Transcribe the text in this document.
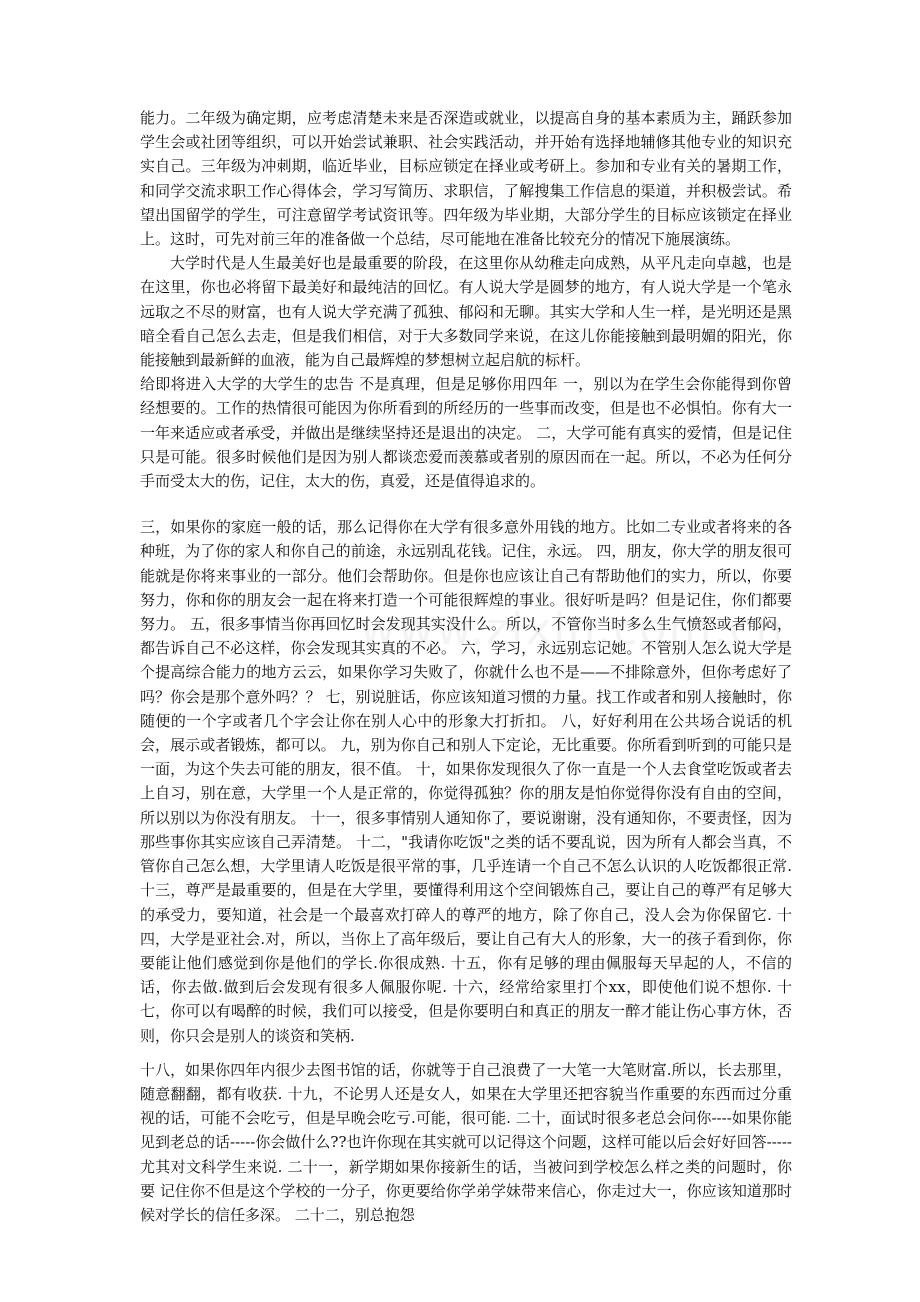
能力。二年级为确定期，应考虑清楚未来是否深造或就业，以提高自身的基本素质为主，踊跃参加学生会或社团等组织，可以开始尝试兼职、社会实践活动，并开始有选择地辅修其他专业的知识充实自己。三年级为冲刺期，临近毕业，目标应锁定在择业或考研上。参加和专业有关的暑期工作，和同学交流求职工作心得体会，学习写简历、求职信，了解搜集工作信息的渠道，并积极尝试。希望出国留学的学生，可注意留学考试资讯等。四年级为毕业期，大部分学生的目标应该锁定在择业上。这时，可先对前三年的准备做一个总结，尽可能地在准备比较充分的情况下施展演练。

大学时代是人生最美好也是最重要的阶段，在这里你从幼稚走向成熟，从平凡走向卓越，也是在这里，你也必将留下最美好和最纯洁的回忆。有人说大学是圆梦的地方，有人说大学是一个笔永远取之不尽的财富，也有人说大学充满了孤独、郁闷和无聊。其实大学和人生一样，是光明还是黑暗全看自己怎么去走，但是我们相信，对于大多数同学来说，在这儿你能接触到最明媚的阳光，你能接触到最新鲜的血液，能为自己最辉煌的梦想树立起启航的标杆。

给即将进入大学的大学生的忠告 不是真理，但是足够你用四年 一，别以为在学生会你能得到你曾经想要的。工作的热情很可能因为你所看到的所经历的一些事而改变，但是也不必惧怕。你有大一一年来适应或者承受，并做出是继续坚持还是退出的决定。 二，大学可能有真实的爱情，但是记住只是可能。很多时候他们是因为别人都谈恋爱而羡慕或者别的原因而在一起。所以，不必为任何分手而受太大的伤，记住，太大的伤，真爱，还是值得追求的。

三，如果你的家庭一般的话，那么记得你在大学有很多意外用钱的地方。比如二专业或者将来的各种班，为了你的家人和你自己的前途，永远别乱花钱。记住，永远。 四，朋友，你大学的朋友很可能就是你将来事业的一部分。他们会帮助你。但是你也应该让自己有帮助他们的实力，所以，你要努力，你和你的朋友会一起在将来打造一个可能很辉煌的事业。很好听是吗？但是记住，你们都要努力。 五，很多事情当你再回忆时会发现其实没什么。所以，不管你当时多么生气愤怒或者郁闷，都告诉自己不必这样，你会发现其实真的不必。 六，学习，永远别忘记她。不管别人怎么说大学是个提高综合能力的地方云云，如果你学习失败了，你就什么也不是——不排除意外，但你考虑好了吗？你会是那个意外吗？？ 七，别说脏话，你应该知道习惯的力量。找工作或者和别人接触时，你随便的一个字或者几个字会让你在别人心中的形象大打折扣。 八，好好利用在公共场合说话的机会，展示或者锻炼，都可以。 九，别为你自己和别人下定论，无比重要。你所看到听到的可能只是一面，为这个失去可能的朋友，很不值。 十，如果你发现很久了你一直是一个人去食堂吃饭或者去上自习，别在意，大学里一个人是正常的，你觉得孤独？你的朋友是怕你觉得你没有自由的空间，所以别以为你没有朋友。 十一，很多事情别人通知你了，要说谢谢，没有通知你，不要责怪，因为那些事你其实应该自己弄清楚。 十二，"我请你吃饭"之类的话不要乱说，因为所有人都会当真，不管你自己怎么想，大学里请人吃饭是很平常的事，几乎连请一个自己不怎么认识的人吃饭都很正常. 十三，尊严是最重要的，但是在大学里，要懂得利用这个空间锻炼自己，要让自己的尊严有足够大的承受力，要知道，社会是一个最喜欢打碎人的尊严的地方，除了你自己，没人会为你保留它. 十四，大学是亚社会.对，所以，当你上了高年级后，要让自己有大人的形象，大一的孩子看到你，你要能让他们感觉到你是他们的学长.你很成熟. 十五，你有足够的理由佩服每天早起的人，不信的话，你去做.做到后会发现有很多人佩服你呢. 十六，经常给家里打个xx，即使他们说不想你. 十七，你可以有喝醉的时候，我们可以接受，但是你要明白和真正的朋友一醉才能让伤心事方休，否则，你只会是别人的谈资和笑柄.

十八，如果你四年内很少去图书馆的话，你就等于自己浪费了一大笔一大笔财富.所以，长去那里，随意翻翻，都有收获. 十九，不论男人还是女人，如果在大学里还把容貌当作重要的东西而过分重视的话，可能不会吃亏，但是早晚会吃亏.可能，很可能. 二十，面试时很多老总会问你----如果你能见到老总的话-----你会做什么??也许你现在其实就可以记得这个问题，这样可能以后会好好回答-----尤其对文科学生来说. 二十一，新学期如果你接新生的话，当被问到学校怎么样之类的问题时，你要 记住你不但是这个学校的一分子，你更要给你学弟学妹带来信心，你走过大一，你应该知道那时候对学长的信任多深。 二十二，别总抱怨
